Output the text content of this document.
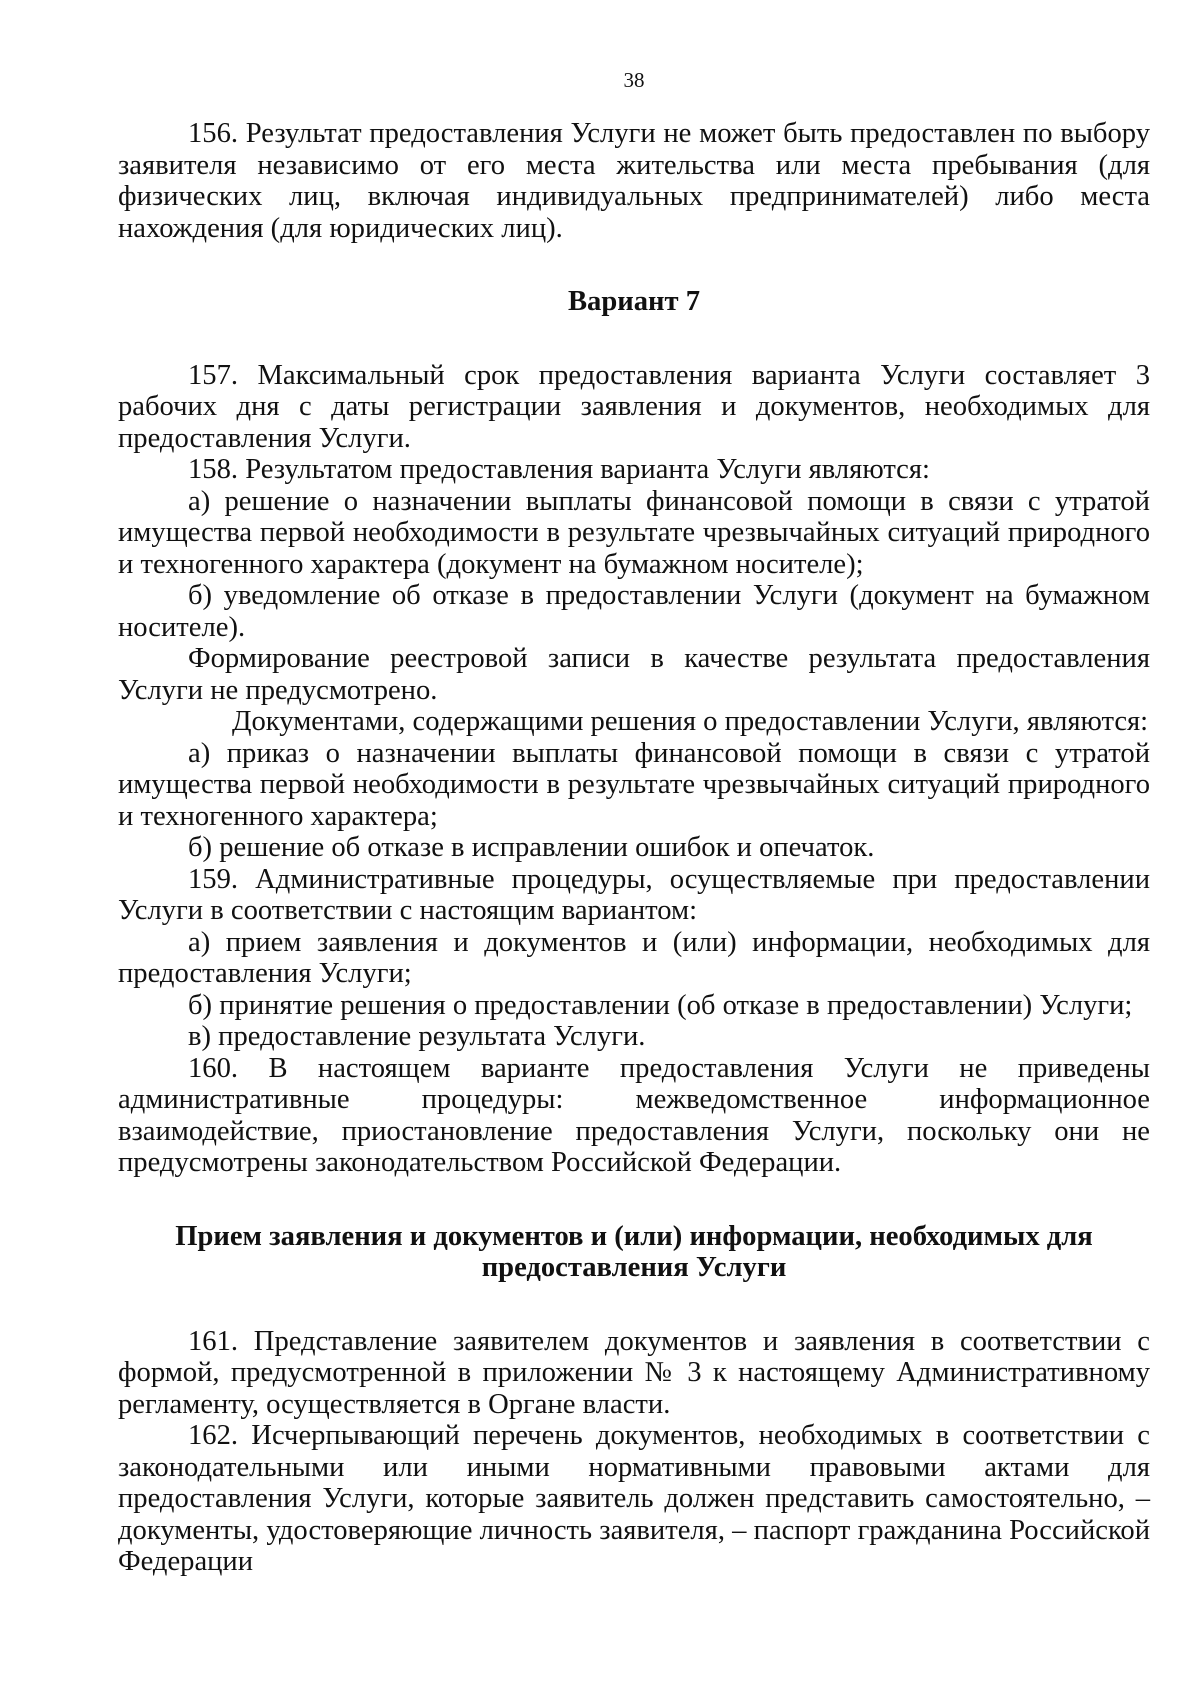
38

156. Результат предоставления Услуги не может быть предоставлен по выбору заявителя независимо от его места жительства или места пребывания (для физических лиц, включая индивидуальных предпринимателей) либо места нахождения (для юридических лиц).

Вариант 7

157. Максимальный срок предоставления варианта Услуги составляет 3 рабочих дня с даты регистрации заявления и документов, необходимых для предоставления Услуги.

158. Результатом предоставления варианта Услуги являются:

а) решение о назначении выплаты финансовой помощи в связи с утратой имущества первой необходимости в результате чрезвычайных ситуаций природного и техногенного характера (документ на бумажном носителе);

б) уведомление об отказе в предоставлении Услуги (документ на бумажном носителе).

Формирование реестровой записи в качестве результата предоставления Услуги не предусмотрено.

Документами, содержащими решения о предоставлении Услуги, являются:

а) приказ о назначении выплаты финансовой помощи в связи с утратой имущества первой необходимости в результате чрезвычайных ситуаций природного и техногенного характера;

б) решение об отказе в исправлении ошибок и опечаток.

159. Административные процедуры, осуществляемые при предоставлении Услуги в соответствии с настоящим вариантом:

а) прием заявления и документов и (или) информации, необходимых для предоставления Услуги;

б) принятие решения о предоставлении (об отказе в предоставлении) Услуги;

в) предоставление результата Услуги.

160. В настоящем варианте предоставления Услуги не приведены административные процедуры: межведомственное информационное взаимодействие, приостановление предоставления Услуги, поскольку они не предусмотрены законодательством Российской Федерации.

Прием заявления и документов и (или) информации, необходимых для предоставления Услуги

161. Представление заявителем документов и заявления в соответствии с формой, предусмотренной в приложении № 3 к настоящему Административному регламенту, осуществляется в Органе власти.

162. Исчерпывающий перечень документов, необходимых в соответствии с законодательными или иными нормативными правовыми актами для предоставления Услуги, которые заявитель должен представить самостоятельно, – документы, удостоверяющие личность заявителя, – паспорт гражданина Российской Федерации
